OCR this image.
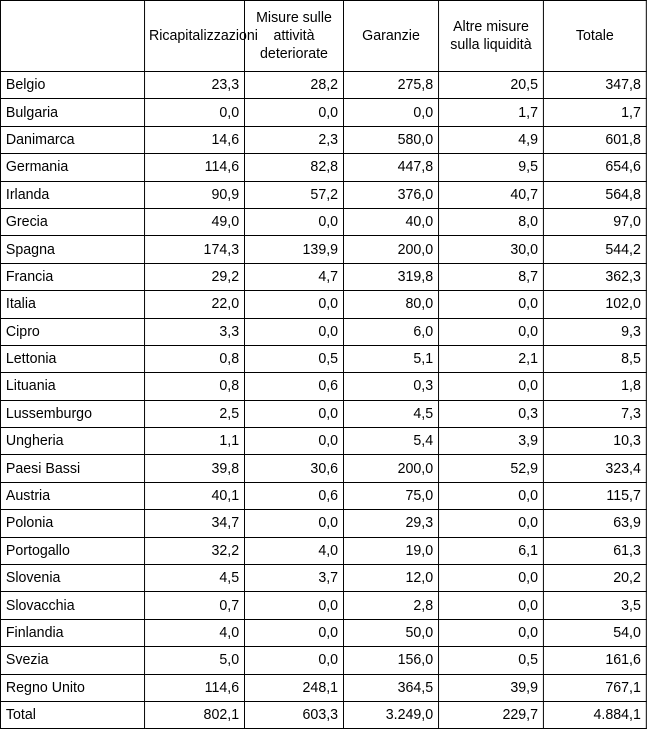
	Ricapitalizzazioni	Misure sulle attività deteriorate	Garanzie	Altre misure sulla liquidità	Totale
Belgio	23,3	28,2	275,8	20,5	347,8
Bulgaria	0,0	0,0	0,0	1,7	1,7
Danimarca	14,6	2,3	580,0	4,9	601,8
Germania	114,6	82,8	447,8	9,5	654,6
Irlanda	90,9	57,2	376,0	40,7	564,8
Grecia	49,0	0,0	40,0	8,0	97,0
Spagna	174,3	139,9	200,0	30,0	544,2
Francia	29,2	4,7	319,8	8,7	362,3
Italia	22,0	0,0	80,0	0,0	102,0
Cipro	3,3	0,0	6,0	0,0	9,3
Lettonia	0,8	0,5	5,1	2,1	8,5
Lituania	0,8	0,6	0,3	0,0	1,8
Lussemburgo	2,5	0,0	4,5	0,3	7,3
Ungheria	1,1	0,0	5,4	3,9	10,3
Paesi Bassi	39,8	30,6	200,0	52,9	323,4
Austria	40,1	0,6	75,0	0,0	115,7
Polonia	34,7	0,0	29,3	0,0	63,9
Portogallo	32,2	4,0	19,0	6,1	61,3
Slovenia	4,5	3,7	12,0	0,0	20,2
Slovacchia	0,7	0,0	2,8	0,0	3,5
Finlandia	4,0	0,0	50,0	0,0	54,0
Svezia	5,0	0,0	156,0	0,5	161,6
Regno Unito	114,6	248,1	364,5	39,9	767,1
Total	802,1	603,3	3.249,0	229,7	4.884,1
